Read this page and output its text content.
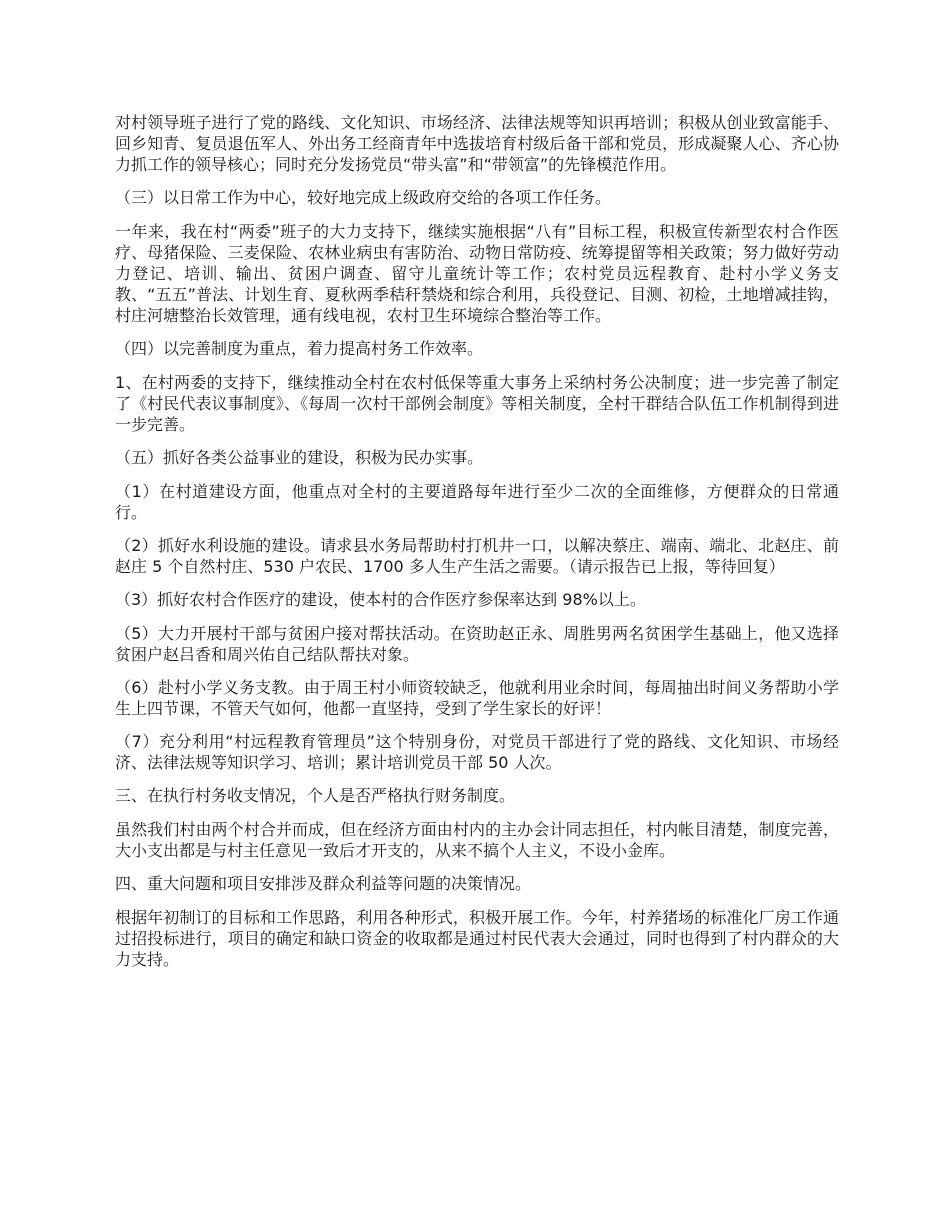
对村领导班子进行了党的路线、文化知识、市场经济、法律法规等知识再培训；积极从创业致富能手、回乡知青、复员退伍军人、外出务工经商青年中选拔培育村级后备干部和党员，形成凝聚人心、齐心协力抓工作的领导核心；同时充分发扬党员“带头富”和“带领富”的先锋模范作用。

（三）以日常工作为中心，较好地完成上级政府交给的各项工作任务。

一年来，我在村“两委”班子的大力支持下，继续实施根据“八有”目标工程，积极宣传新型农村合作医疗、母猪保险、三麦保险、农林业病虫有害防治、动物日常防疫、统筹提留等相关政策；努力做好劳动力登记、培训、输出、贫困户调查、留守儿童统计等工作；农村党员远程教育、赴村小学义务支教、“五五”普法、计划生育、夏秋两季秸秆禁烧和综合利用，兵役登记、目测、初检，土地增减挂钩，村庄河塘整治长效管理，通有线电视，农村卫生环境综合整治等工作。

（四）以完善制度为重点，着力提高村务工作效率。

1、在村两委的支持下，继续推动全村在农村低保等重大事务上采纳村务公决制度；进一步完善了制定了《村民代表议事制度》、《每周一次村干部例会制度》等相关制度，全村干群结合队伍工作机制得到进一步完善。

（五）抓好各类公益事业的建设，积极为民办实事。

（1）在村道建设方面，他重点对全村的主要道路每年进行至少二次的全面维修，方便群众的日常通行。

（2）抓好水利设施的建设。请求县水务局帮助村打机井一口，以解决蔡庄、端南、端北、北赵庄、前赵庄 5 个自然村庄、530 户农民、1700 多人生产生活之需要。（请示报告已上报，等待回复）

（3）抓好农村合作医疗的建设，使本村的合作医疗参保率达到 98%以上。

（5）大力开展村干部与贫困户接对帮扶活动。在资助赵正永、周胜男两名贫困学生基础上，他又选择贫困户赵吕香和周兴佑自己结队帮扶对象。

（6）赴村小学义务支教。由于周王村小师资较缺乏，他就利用业余时间，每周抽出时间义务帮助小学生上四节课，不管天气如何，他都一直坚持，受到了学生家长的好评！

（7）充分利用“村远程教育管理员”这个特别身份，对党员干部进行了党的路线、文化知识、市场经济、法律法规等知识学习、培训；累计培训党员干部 50 人次。

三、在执行村务收支情况，个人是否严格执行财务制度。

虽然我们村由两个村合并而成，但在经济方面由村内的主办会计同志担任，村内帐目清楚，制度完善，大小支出都是与村主任意见一致后才开支的，从来不搞个人主义，不设小金库。

四、重大问题和项目安排涉及群众利益等问题的决策情况。

根据年初制订的目标和工作思路，利用各种形式，积极开展工作。今年，村养猪场的标准化厂房工作通过招投标进行，项目的确定和缺口资金的收取都是通过村民代表大会通过，同时也得到了村内群众的大力支持。
